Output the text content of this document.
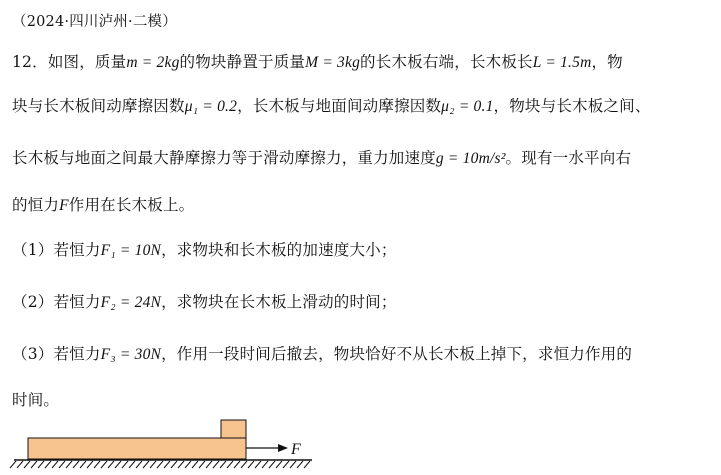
（2024·四川泸州·二模）
12．如图，质量m = 2kg的物块静置于质量M = 3kg的长木板右端，长木板长L = 1.5m，物
块与长木板间动摩擦因数μ₁ = 0.2，长木板与地面间动摩擦因数μ₂ = 0.1，物块与长木板之间、
长木板与地面之间最大静摩擦力等于滑动摩擦力，重力加速度g = 10m/s²。现有一水平向右
的恒力F作用在长木板上。
（1）若恒力F₁ = 10N，求物块和长木板的加速度大小；
（2）若恒力F₂ = 24N，求物块在长木板上滑动的时间；
（3）若恒力F₃ = 30N，作用一段时间后撤去，物块恰好不从长木板上掉下，求恒力作用的
时间。
F
